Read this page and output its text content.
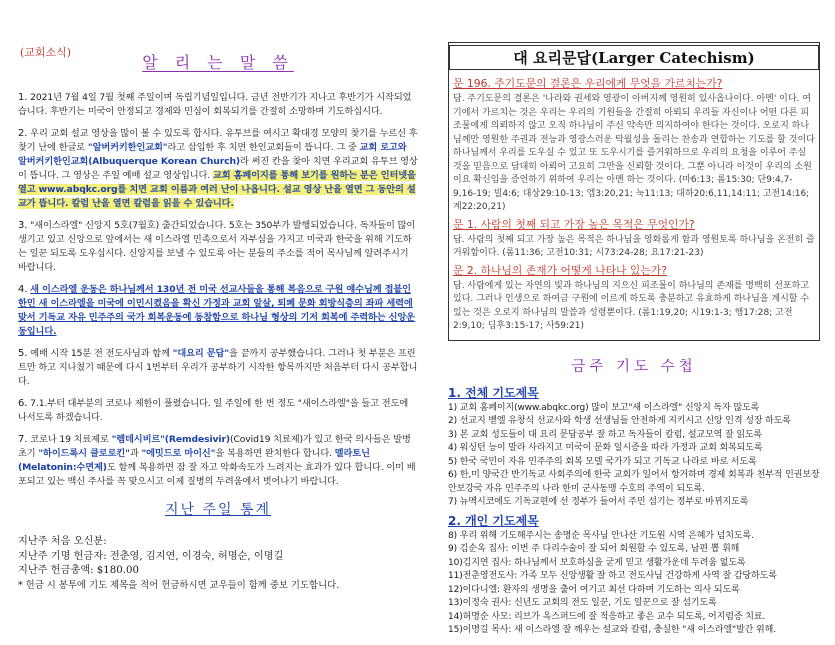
(교회소식)
알 리 는 말 씀

1. 2021년 7월 4일 7월 첫째 주일이며 독립기념일입니다. 금년 전반기가 지나고 후반기가 시작되었습니다. 후반기는 미국이 안정되고 경제와 민심이 회복되기를 간절히 소망하며 기도하십시다.

2. 우리 교회 설교 영상을 많이 볼 수 있도록 합시다. 유투브를 여시고 확대경 모양의 찾기를 누르신 후 찾기 난에 한글로 "알버커키한인교회"라고 삽입한 후 치면 한인교회들이 뜹니다. 그 중 교회 로고와 알버커키한인교회(Albuquerque Korean Church)라 써진 칸을 찾아 치면 우리교회 유투브 영상이 뜹니다. 그 영상은 주일 예배 설교 영상입니다. 교회 홈페이지를 통해 보기를 원하는 분은 인터넷을 열고 www.abqkc.org를 치면 교회 이름과 여러 난이 나옵니다. 설교 영상 난을 열면 그 동안의 설교가 뜹니다. 칼럼 난을 열면 칼럼을 읽을 수 있습니다.

3. "새이스라엘" 신앙지 5호(7월호) 출간되었습니다. 5호는 350부가 발행되었습니다. 독자들이 많이 생기고 있고 신앙으로 앞에서는 새 이스라엘 민족으로서 자부심을 가지고 미국과 한국을 위해 기도하는 일꾼 되도록 도우십시다. 신앙지를 보낼 수 있도록 아는 분들의 주소를 적어 목사님께 알려주시기 바랍니다.

4. 새 이스라엘 운동은 하나님께서 130년 전 미국 선교사들을 통해 복음으로 구원 얘수님께 접붙인 한민 새 이스라엘을 미국에 이민시켰음을 확신 가정과 교회 알살, 퇴폐 문화 회방식층의 좌파 세력에 맞서 기독교 자유 민주주의 국가 회복운동에 동참함으로 하나님 형상의 기저 회복에 주력하는 신앙운동입니다.

5. 예배 시작 15분 전 전도사님과 함께 "대요리 문답"을 끝까지 공부했습니다. 그러나 첫 부분은 프린트만 하고 지나쳤기 때문에 다시 1번부터 우리가 공부하기 시작한 항목까지만 처음부터 다시 공부합니다.

6. 7.1.부터 대부분의 코로나 제한이 풀렸습니다. 일 주일에 한 번 정도 "새이스라엘"을 들고 전도에 나서도록 하겠습니다.

7. 코로나 19 치료제로 "렘데시비르"(Remdesivir)(Covid19 치료제)가 있고 한국 의사들은 발병 초기 "하이드록시 클로로킨"과 "에밋드로 마이신"을 복용하면 완치한다 합니다. 멜라토닌(Melatonin:수면제)도 함께 복용하면 잠 잘 자고 악화속도가 느려지는 효과가 있다 합니다. 이미 배포되고 있는 백신 주사를 꼭 맞으시고 이제 질병의 두려움에서 벗어나기 바랍니다.

지난 주일 통계

지난주 처음 오신분:

지난주 기명 헌금자: 전춘영, 김지연, 이경숙, 허명순, 이명길

지난주 헌금총액: $180.00

* 헌금 시 봉투에 기도 제목을 적어 헌금하시면 교우들이 함께 중보 기도합니다.

대 요리문답(Larger Catechism)
문 196. 주기도문의 결론은 우리에게 무엇을 가르치는가?
답. 주기도문의 결론은 '나라와 권세와 영광이 아버지께 영원히 있사옵나이다. 아멘' 이다. 여기에서 가르치는 것은 우리는 우리의 기원들을 간절히 아뢰되 우리들 자신이나 어떤 다른 피조물에게 의뢰하지 않고 오직 하나님이 주신 약속만 의지하여야 한다는 것이다. 오로지 하나님께만 영원한 주권과 전능과 영광스러운 탁월성을 돌리는 찬송과 연합하는 기도를 할 것이다 하나님께서 우리를 도우실 수 있고 또 도우시기를 즐거워하므로 우리의 요청을 이루어 주실 것을 믿음으로 담대히 아뢰어 고요히 그만을 신뢰할 것이다. 그뿐 아니라 이것이 우리의 소원이요 확신임을 증언하기 위하여 우리는 아멘 하는 것이다. (마6:13; 롬15:30; 단9:4,7-9,16-19; 빌4:6; 대상29:10-13; 엡3:20,21; 눅11:13; 대하20:6,11,14:11; 고전14:16; 계22:20,21)
문 1. 사람의 첫째 되고 가장 높은 목적은 무엇인가?
답. 사람의 첫째 되고 가장 높은 목적은 하나님을 영화롭게 함과 영원토록 하나님을 온전히 즐거워함이다. (롬11:36; 고전10:31; 시73:24-28; 요17:21-23)
문 2. 하나님의 존재가 어떻게 나타나 있는가?
답. 사람에게 있는 자연의 빛과 하나님의 지으신 피조물이 하나님의 존재를 명백히 선포하고 있다. 그러나 인생으로 하여금 구원에 이르게 하도록 충분하고 유효하게 하나님을 계시할 수 있는 것은 오로지 하나님의 말씀과 성령뿐이다. (롬1:19,20; 시19:1-3; 행17:28; 고전2:9,10; 딤후3:15-17; 사59:21)
금주 기도 수첩
1. 전체 기도제목

1) 교회 홈페이지(www.abqkc.org) 많이 보고"새 이스라엘" 신앙지 독자 많도록

2) 선교지 벧엘 유창식 선교사와 학생 선생님들 안전하게 지키시고 신앙 인격 성장 하도록

3) 본 교회 성도들이 대 요리 문답공부 잘 하고 독자들이 칼럼, 설교모역 잘 읽도록

4) 워싱턴 능이 말라 사라지고 미국이 문화 일시증을 따라 가정과 교회 회복되도록

5) 한국 국민이 자유 민주주의 회복 모델 국가가 되고 기독교 나라로 바로 서도록

6) 한,미 양국간 반기독교 사회주의에 한국 교회가 일어서 항거하며 경제 회복과 천부적 인권보장 안보강국 자유 민주주의 나라 한미 군사동맹 수호의 주역이 되도록.

7) 뉴멕시코에도 기독교편에 선 정부가 들어서 주민 섬기는 정부로 바뀌지도록

2. 개인 기도제목

8) 우리 위해 기도해주시는 송명순 목사님 안나산 기도원 시역 은혜가 넘치도록.

9) 김순옥 집사: 이번 주 다리수술이 잘 되어 회원할 수 있도록, 남편 뽑 휘해

10)김지연 집사: 하나님께서 보호하심을 굳게 믿고 생활가운데 두려움 없도록

11)전춘영전도사: 가족 모두 신앙생활 잘 하고 전도사님 건강하게 사역 잘 감당하도록

12)이다니엘: 환자의 생명을 출어 여기고 최선 다하며 기도하는 의사 되도록

13)이정숙 권사: 신년도 교회의 전도 일꾼, 기도 일꾼으로 잘 섬기도록

14)허명순 사모: 리브가 옥스퍼드에 잘 적응하고 좋은 교수 되도록, 어지럼증 치료.

15)이명길 목사: 새 이스라엘 잘 깨우는 설교와 칼럼, 충실한 "새 이스라엘"발간 위해.
